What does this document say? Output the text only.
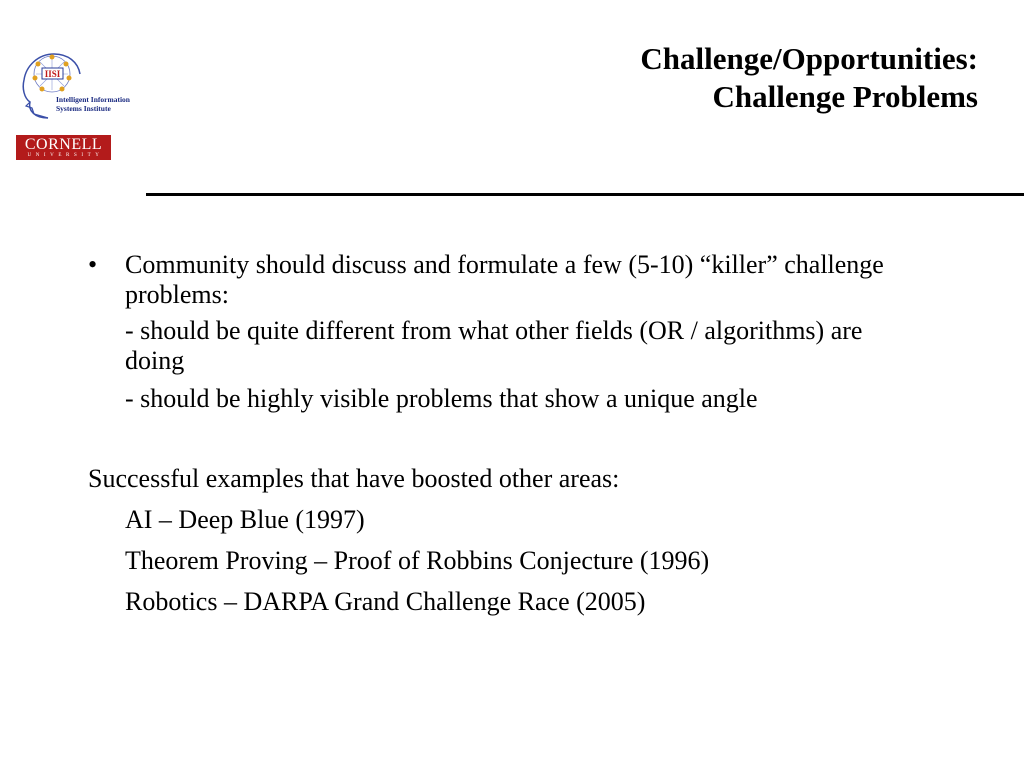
IISI
Intelligent Information
Systems Institute
CORNELL
UNIVERSITY
Challenge/Opportunities:
Challenge Problems

• Community should discuss and formulate a few (5-10) “killer” challenge problems:

- should be quite different from what other fields (OR / algorithms) are doing

- should be highly visible problems that show a unique angle

Successful examples that have boosted other areas:

AI – Deep Blue (1997)

Theorem Proving – Proof of Robbins Conjecture (1996)

Robotics – DARPA Grand Challenge Race (2005)
